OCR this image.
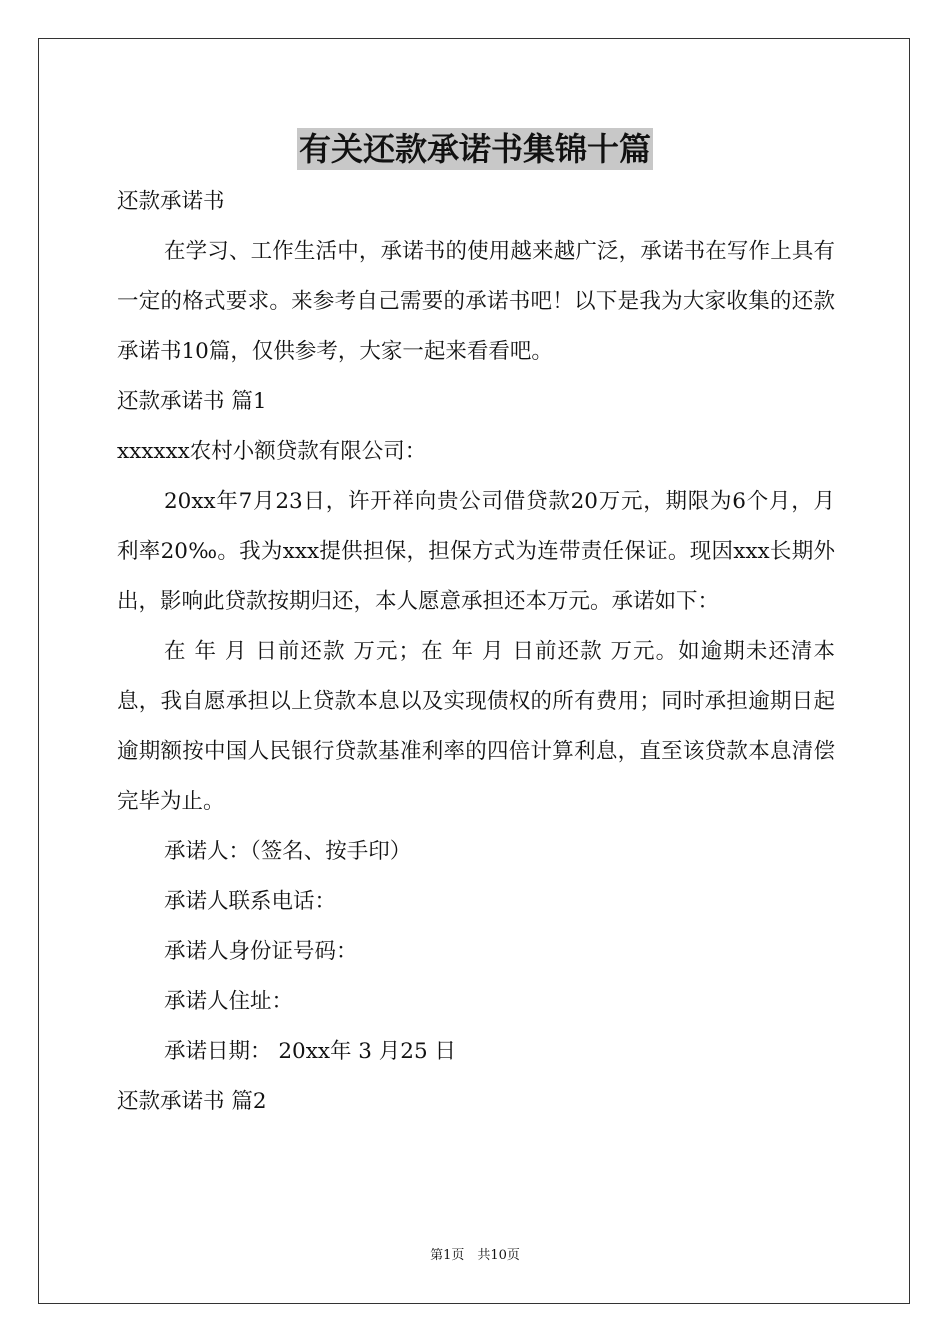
有关还款承诺书集锦十篇

还款承诺书

在学习、工作生活中，承诺书的使用越来越广泛，承诺书在写作上具有一定的格式要求。来参考自己需要的承诺书吧！以下是我为大家收集的还款承诺书10篇，仅供参考，大家一起来看看吧。

还款承诺书 篇1

xxxxxx农村小额贷款有限公司：

20xx年7月23日，许开祥向贵公司借贷款20万元，期限为6个月，月利率20‰。我为xxx提供担保，担保方式为连带责任保证。现因xxx长期外出，影响此贷款按期归还，本人愿意承担还本万元。承诺如下：

在 年 月 日前还款 万元；在 年 月 日前还款 万元。如逾期未还清本息，我自愿承担以上贷款本息以及实现债权的所有费用；同时承担逾期日起逾期额按中国人民银行贷款基准利率的四倍计算利息，直至该贷款本息清偿完毕为止。

承诺人：（签名、按手印）

承诺人联系电话：

承诺人身份证号码：

承诺人住址：

承诺日期： 20xx年 3 月25 日

还款承诺书 篇2

第1页　共10页
